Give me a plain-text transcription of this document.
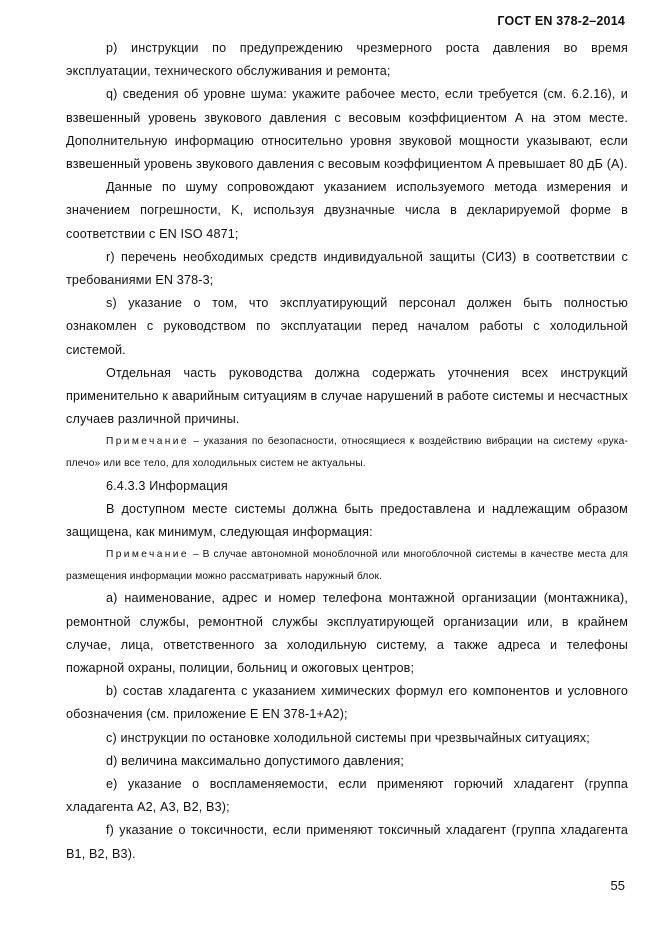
ГОСТ EN 378-2–2014

p) инструкции по предупреждению чрезмерного роста давления во время эксплуатации, технического обслуживания и ремонта;

q) сведения об уровне шума: укажите рабочее место, если требуется (см. 6.2.16), и взвешенный уровень звукового давления с весовым коэффициентом А на этом месте. Дополнительную информацию относительно уровня звуковой мощности указывают, если взвешенный уровень звукового давления с весовым коэффициентом А превышает 80 дБ (А).

Данные по шуму сопровождают указанием используемого метода измерения и значением погрешности, K, используя двузначные числа в декларируемой форме в соответствии с EN ISO 4871;

r) перечень необходимых средств индивидуальной защиты (СИЗ) в соответствии с требованиями EN 378-3;

s) указание о том, что эксплуатирующий персонал должен быть полностью ознакомлен с руководством по эксплуатации перед началом работы с холодильной системой.

Отдельная часть руководства должна содержать уточнения всех инструкций применительно к аварийным ситуациям в случае нарушений в работе системы и несчастных случаев различной причины.

Примечание – указания по безопасности, относящиеся к воздействию вибрации на систему «рука-плечо» или все тело, для холодильных систем не актуальны.

6.4.3.3 Информация

В доступном месте системы должна быть предоставлена и надлежащим образом защищена, как минимум, следующая информация:

Примечание – В случае автономной моноблочной или многоблочной системы в качестве места для размещения информации можно рассматривать наружный блок.

a) наименование, адрес и номер телефона монтажной организации (монтажника), ремонтной службы, ремонтной службы эксплуатирующей организации или, в крайнем случае, лица, ответственного за холодильную систему, а также адреса и телефоны пожарной охраны, полиции, больниц и ожоговых центров;

b) состав хладагента с указанием химических формул его компонентов и условного обозначения (см. приложение Е EN 378-1+A2);

c) инструкции по остановке холодильной системы при чрезвычайных ситуациях;

d) величина максимально допустимого давления;

e) указание о воспламеняемости, если применяют горючий хладагент (группа хладагента А2, А3, В2, В3);

f) указание о токсичности, если применяют токсичный хладагент (группа хладагента В1, В2, В3).

55
